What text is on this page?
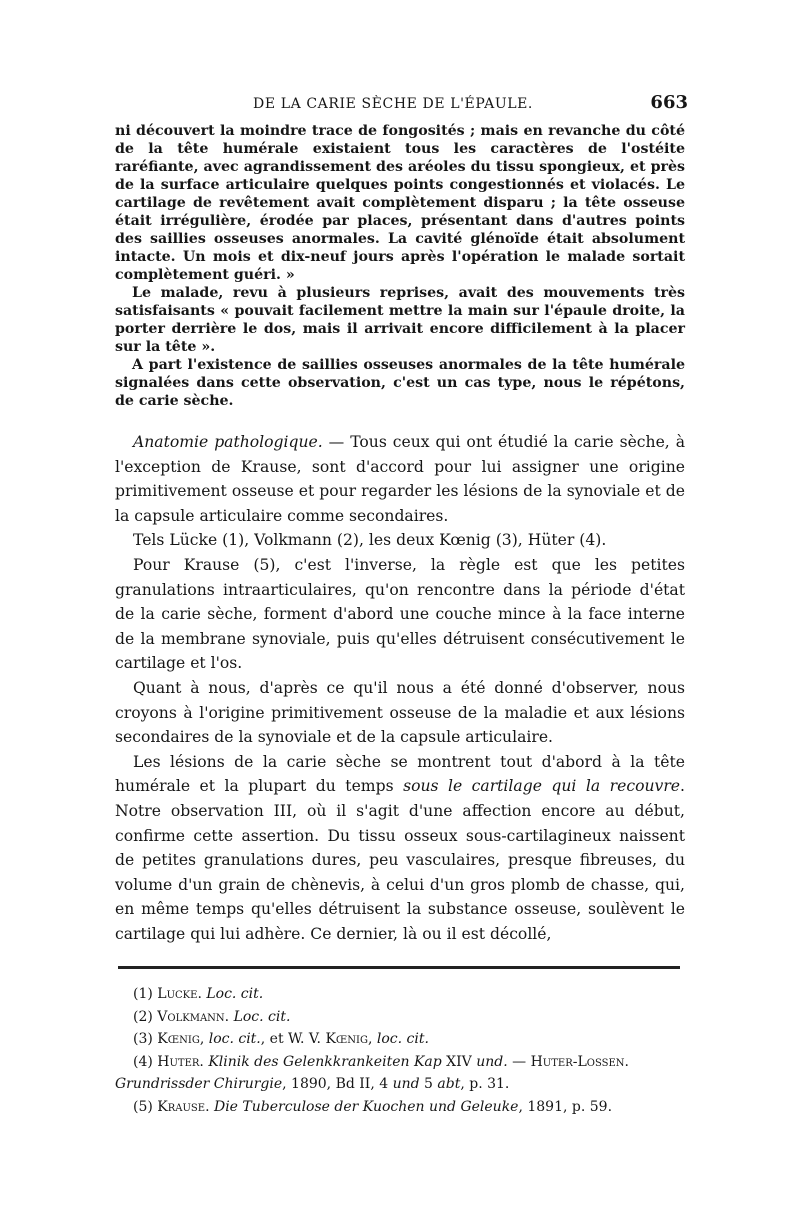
DE LA CARIE SÈCHE DE L'ÉPAULE.	663

ni découvert la moindre trace de fongosités ; mais en revanche du côté de la tête humérale existaient tous les caractères de l'ostéite raréfiante, avec agrandissement des aréoles du tissu spongieux, et près de la surface articulaire quelques points congestionnés et violacés. Le cartilage de revêtement avait complètement disparu ; la tête osseuse était irrégulière, érodée par places, présentant dans d'autres points des saillies osseuses anormales. La cavité glénoïde était absolument intacte. Un mois et dix-neuf jours après l'opération le malade sortait complètement guéri. »

Le malade, revu à plusieurs reprises, avait des mouvements très satisfaisants « pouvait facilement mettre la main sur l'épaule droite, la porter derrière le dos, mais il arrivait encore difficilement à la placer sur la tête ».

A part l'existence de saillies osseuses anormales de la tête humérale signalées dans cette observation, c'est un cas type, nous le répétons, de carie sèche.

Anatomie pathologique. — Tous ceux qui ont étudié la carie sèche, à l'exception de Krause, sont d'accord pour lui assigner une origine primitivement osseuse et pour regarder les lésions de la synoviale et de la capsule articulaire comme secondaires.

Tels Lücke (1), Volkmann (2), les deux Kœnig (3), Hüter (4).

Pour Krause (5), c'est l'inverse, la règle est que les petites granulations intraarticulaires, qu'on rencontre dans la période d'état de la carie sèche, forment d'abord une couche mince à la face interne de la membrane synoviale, puis qu'elles détruisent consécutivement le cartilage et l'os.

Quant à nous, d'après ce qu'il nous a été donné d'observer, nous croyons à l'origine primitivement osseuse de la maladie et aux lésions secondaires de la synoviale et de la capsule articulaire.

Les lésions de la carie sèche se montrent tout d'abord à la tête humérale et la plupart du temps sous le cartilage qui la recouvre. Notre observation III, où il s'agit d'une affection encore au début, confirme cette assertion. Du tissu osseux sous-cartilagineux naissent de petites granulations dures, peu vasculaires, presque fibreuses, du volume d'un grain de chènevis, à celui d'un gros plomb de chasse, qui, en même temps qu'elles détruisent la substance osseuse, soulèvent le cartilage qui lui adhère. Ce dernier, là ou il est décollé,

(1) Lucke. Loc. cit.

(2) Volkmann. Loc. cit.

(3) Kœnig, loc. cit., et W. V. Kœnig, loc. cit.

(4) Huter. Klinik des Gelenkkrankeiten Kap XIV und. — Huter-Lossen. Grundrissder Chirurgie, 1890, Bd II, 4 und 5 abt, p. 31.

(5) Krause. Die Tuberculose der Kuochen und Geleuke, 1891, p. 59.
